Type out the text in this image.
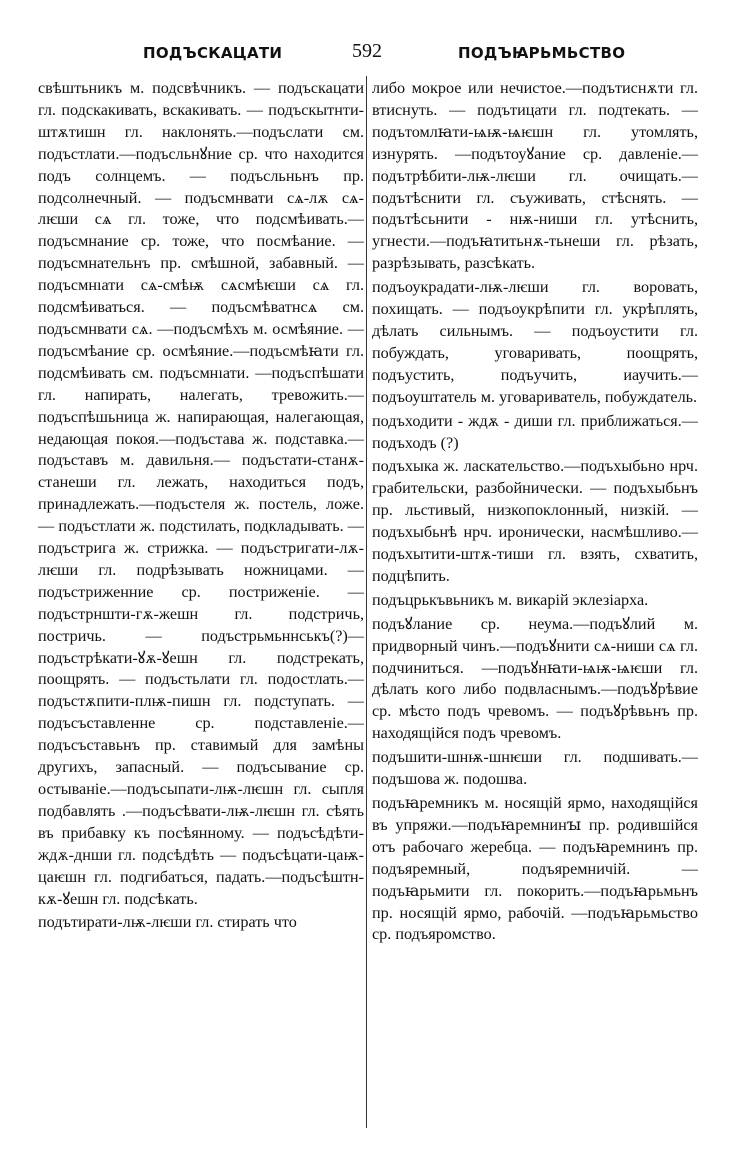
ПОДЪСКАЦАТИ	592	ПОДЪꙖРЬМЬСТВО
свѣштьникъ м. подсвѣчникъ. — подъскацати гл. подскакивать, вскакивать. — подъскытнти-штѫтишн гл. наклонять.—подъслати см. подъстлати.—подъсльнꙋние ср. что находится подъ солнцемъ. — подъсльньнъ пр. подсолнечный. — подъсмнвати сѧ-лѫ сѧ-лѥши сѧ гл. тоже, что подсмѣивать.—подъсмнание ср. тоже, что посмѣание. — подъсмнательнъ пр. смѣшной, забавный. — подъсмнıати сѧ-смѣѭ сѧсмѣѥши сѧ гл. подсмѣиваться. — подъсмѣватнсѧ см. подъсмнвати сѧ. —подъсмѣхъ м. осмѣяние. — подъсмѣание ср. осмѣяние.—подъсмѣꙗти гл. подсмѣивать см. подъсмнıати. —подъспѣшати гл. напирать, налегать, тревожить.—подъспѣшьница ж. напирающая, налегающая, недающая покоя.—подъстава ж. подставка.—подъставъ м. давильня.— подъстати-станѫ-станеши гл. лежать, находиться подъ, принадлежать.—подъстеля ж. постель, ложе. — подъстлати ж. подстилать, подкладывать. — подъстрига ж. стрижка. — подъстригати-лѫ-лѥши гл. подрѣзывать ножницами. — подъстриженние ср. постриженіе. — подъстрншти-гѫ-жешн гл. подстричь, постричь. — подъстрьмьннськъ(?)—подъстрѣкати-ꙋѫ-ꙋешн гл. подстрекать, поощрять. — подъстьлати гл. подостлать.—подъстѫпити-плѭ-пишн гл. подступать. —подъсъставленне ср. подставленіе.—подъсъставьнъ пр. ставимый для замѣны другихъ, запасный. — подъсывание ср. остываніе.—подъсыпати-лѭ-лѥшн гл. сыпля подбавлять .—подъсѣвати-лѭ-лѥшн гл. сѣять въ прибавку къ посѣянному. — подъсѣдѣти-ждѫ-днши гл. подсѣдѣть — подъсѣцати-цаѭ-цаѥшн гл. подгибаться, падать.—подъсѣштн-кѫ-ꙋешн гл. подсѣкать.
подътирати-лѭ-лѥши гл. стирать что
либо мокрое или нечистое.—подътиснѫти гл. втиснуть. — подътицати гл. подтекать. — подътомлꙗти-ѩѭ-ѩѥшн гл. утомлять, изнурять. —подътоуꙋание ср. давленіе.—подътрѣбити-лѭ-лѥши гл. очищать.— подътѣснити гл. съуживать, стѣснять. — подътѣсьнити - нѭ-ниши гл. утѣснить, угнести.—подъꙗтитьнѫ-тьнеши гл. рѣзать, разрѣзывать, разсѣкать.
подъоукрадати-лѭ-лѥши гл. воровать, похищать. — подъоукрѣпити гл. укрѣплять, дѣлать сильнымъ. — подъоустити гл. побуждать, уговаривать, поощрять, подъустить, подъучить, иаучить.—подъоуштатель м. уговариватель, побуждатель.
подъходити - ждѫ - диши гл. приближаться.—подъходъ (?)
подъхыка ж. ласкательство.—подъхыбьно нрч. грабительски, разбойнически. — подъхыбьнъ пр. льстивый, низкопоклонный, низкій. — подъхыбьнѣ нрч. иронически, насмѣшливо.—подъхытити-штѫ-тиши гл. взять, схватить, подцѣпить.
подъцрькъвьникъ м. викарій эклезіарха.
подъꙋлание ср. неума.—подъꙋлий м. придворный чинъ.—подъꙋнити сѧ-ниши сѧ гл. подчиниться. —подъꙋнꙗти-ѩѭ-ѩѥши гл. дѣлать кого либо подвласнымъ.—подъꙋрѣвие ср. мѣсто подъ чревомъ. — подъꙋрѣвьнъ пр. находящійся подъ чревомъ.
подъшити-шнѭ-шнѥши гл. подшивать.—подъшова ж. подошва.
подъꙗремникъ м. носящій ярмо, находящійся въ упряжи.—подъꙗремнинꙑ пр. родившійся отъ рабочаго жеребца. — подъꙗремнинъ пр. подъяремный, подъяремничій. — подъꙗрьмити гл. покорить.—подъꙗрьмьнъ пр. носящій ярмо, рабочій. —подъꙗрьмьство ср. подъяромство.
